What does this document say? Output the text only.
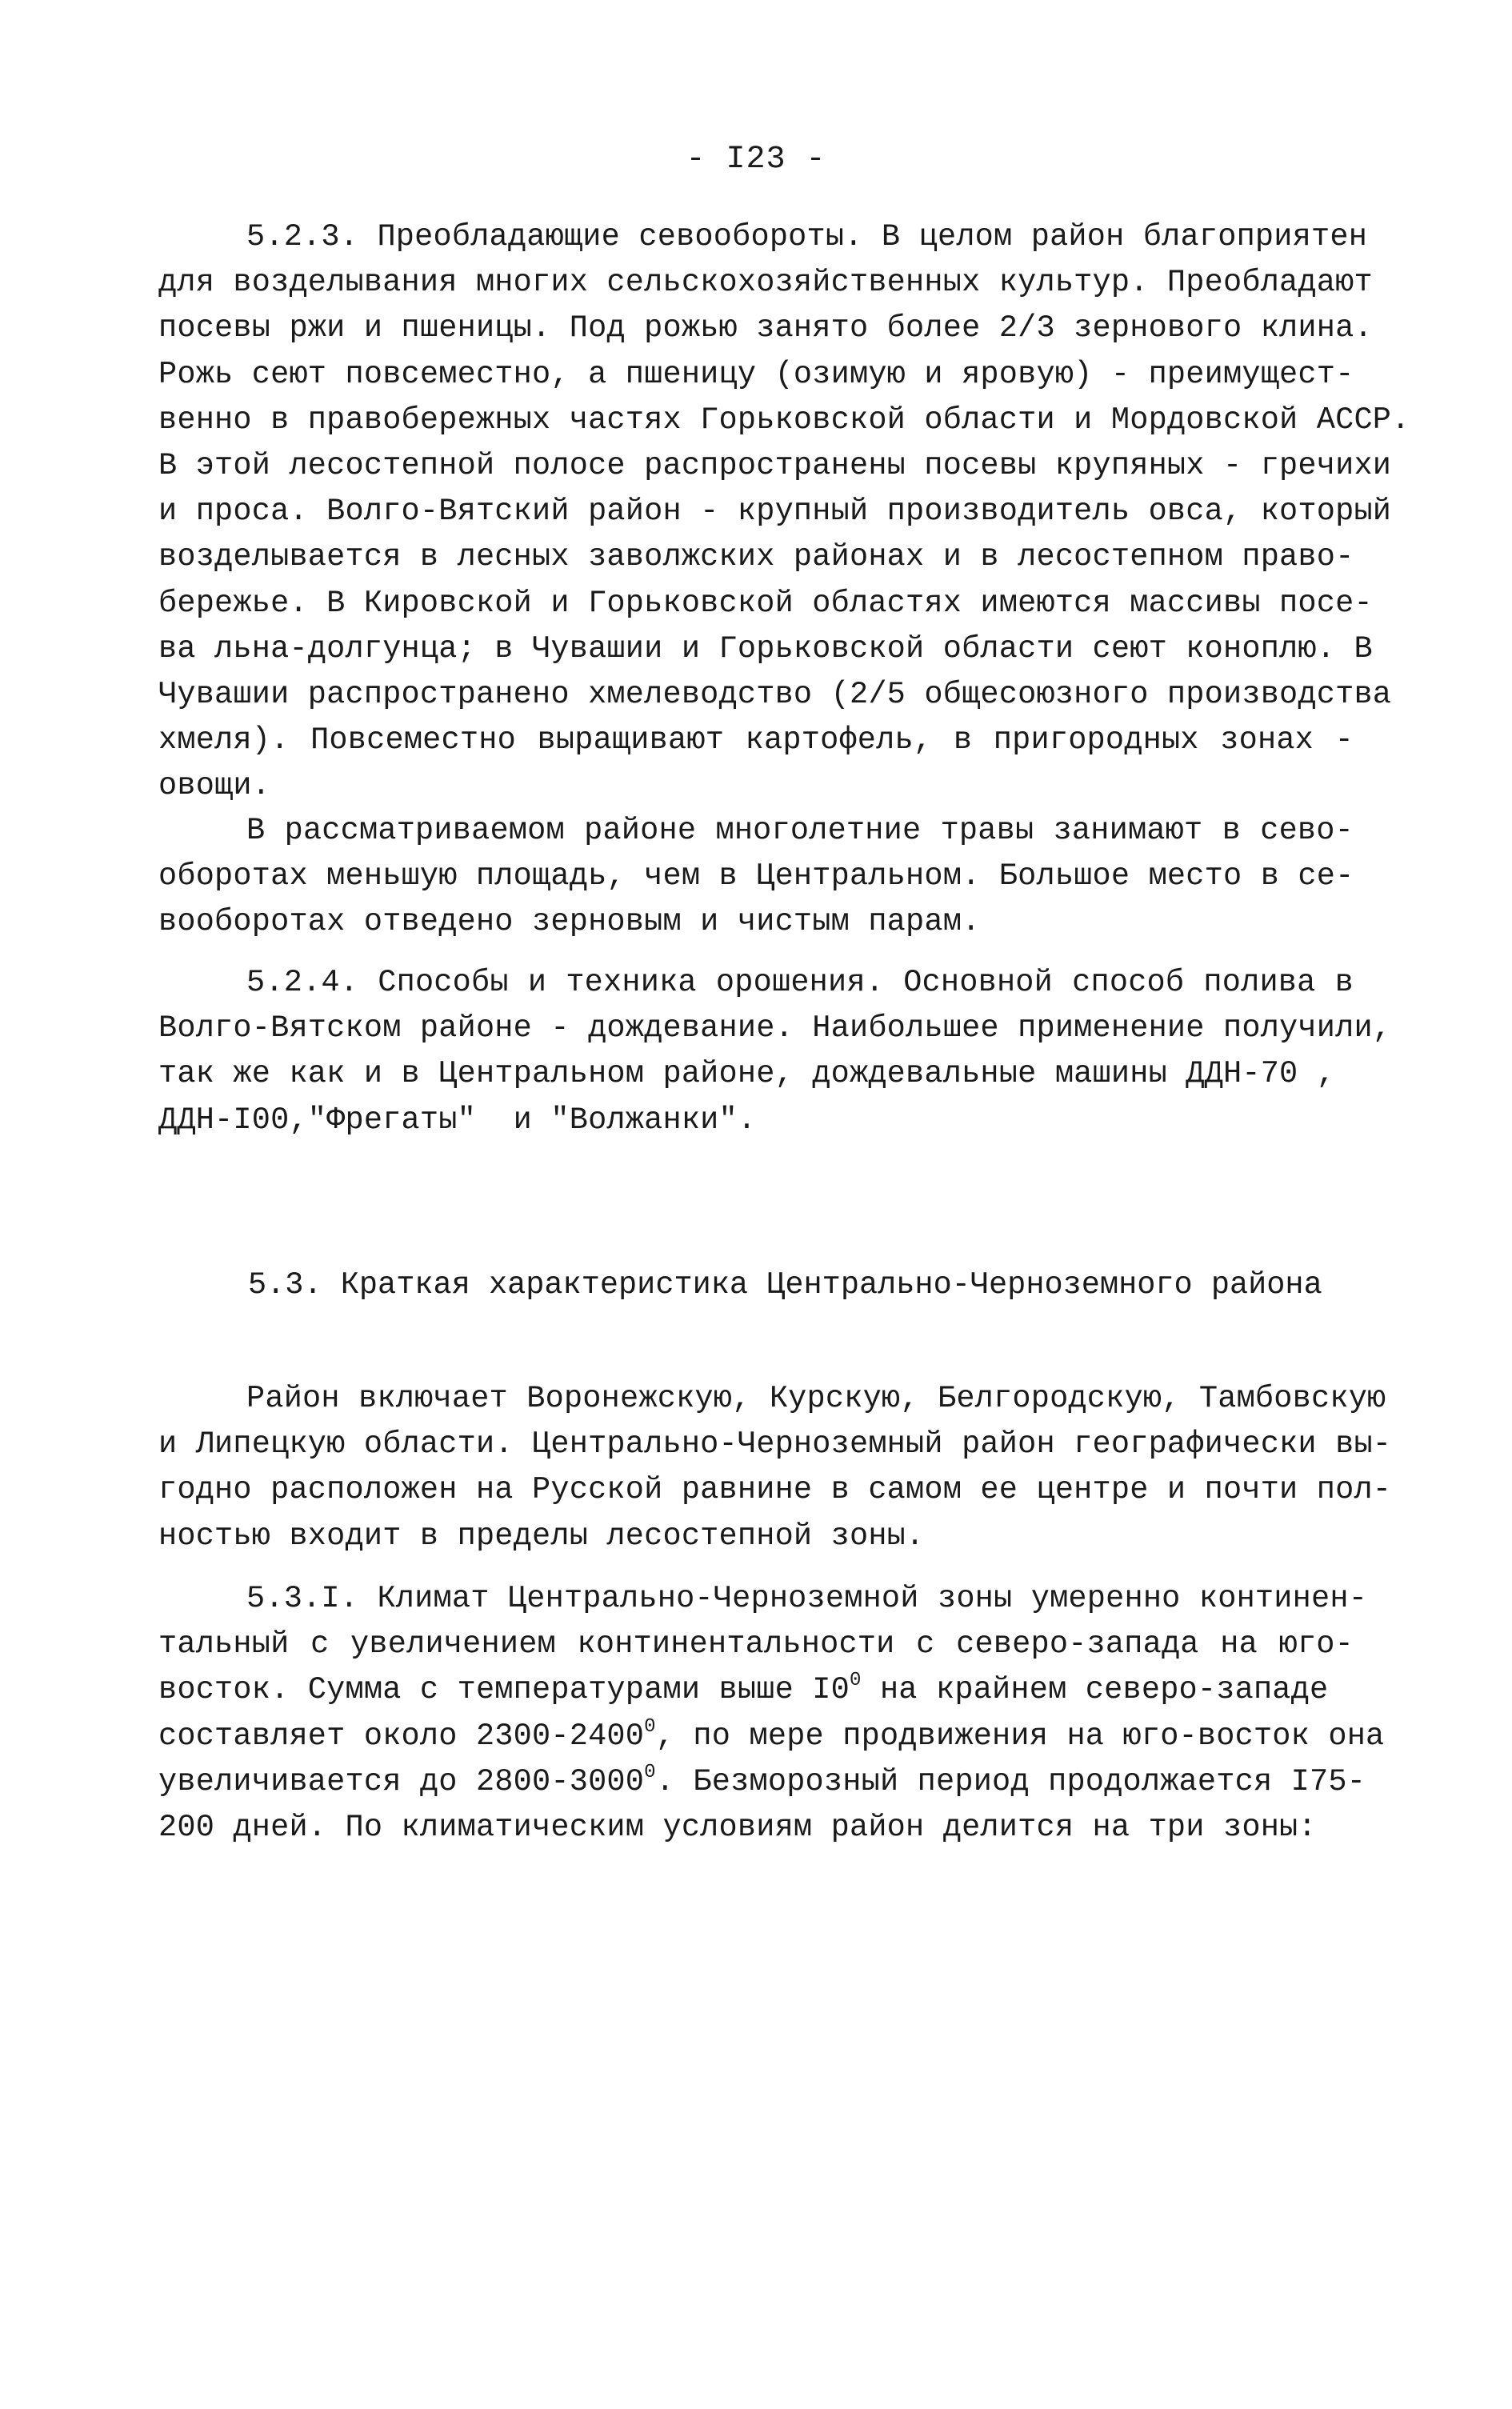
- I23 -
5.2.3. Преобладающие севообороты. В целом район благоприятен
для возделывания многих сельскохозяйственных культур. Преобладают
посевы ржи и пшеницы. Под рожью занято более 2/3 зернового клина.
Рожь сеют повсеместно, а пшеницу (озимую и яровую) - преимущест-
венно в правобережных частях Горьковской области и Мордовской АССР.
В этой лесостепной полосе распространены посевы крупяных - гречихи
и проса. Волго-Вятский район - крупный производитель овса, который
возделывается в лесных заволжских районах и в лесостепном право-
бережье. В Кировской и Горьковской областях имеются массивы посе-
ва льна-долгунца; в Чувашии и Горьковской области сеют коноплю. В
Чувашии распространено хмелеводство (2/5 общесоюзного производства
хмеля). Повсеместно выращивают картофель, в пригородных зонах -
овощи.
В рассматриваемом районе многолетние травы занимают в сево-
оборотах меньшую площадь, чем в Центральном. Большое место в се-
вооборотах отведено зерновым и чистым парам.
5.2.4. Способы и техника орошения. Основной способ полива в
Волго-Вятском районе - дождевание. Наибольшее применение получили,
так же как и в Центральном районе, дождевальные машины ДДН-70 ,
ДДН-I00,"Фрегаты"  и "Волжанки".
5.3. Краткая характеристика Центрально-Черноземного района
Район включает Воронежскую, Курскую, Белгородскую, Тамбовскую
и Липецкую области. Центрально-Черноземный район географически вы-
годно расположен на Русской равнине в самом ее центре и почти пол-
ностью входит в пределы лесостепной зоны.
5.3.I. Климат Центрально-Черноземной зоны умеренно континен-
тальный с увеличением континентальности с северо-запада на юго-
восток. Сумма с температурами выше $I0^0$ на крайнем северо-западе
составляет около 2300-2400$^0$, по мере продвижения на юго-восток она
увеличивается до 2800-3000$^0$. Безморозный период продолжается I75-
200 дней. По климатическим условиям район делится на три зоны:
